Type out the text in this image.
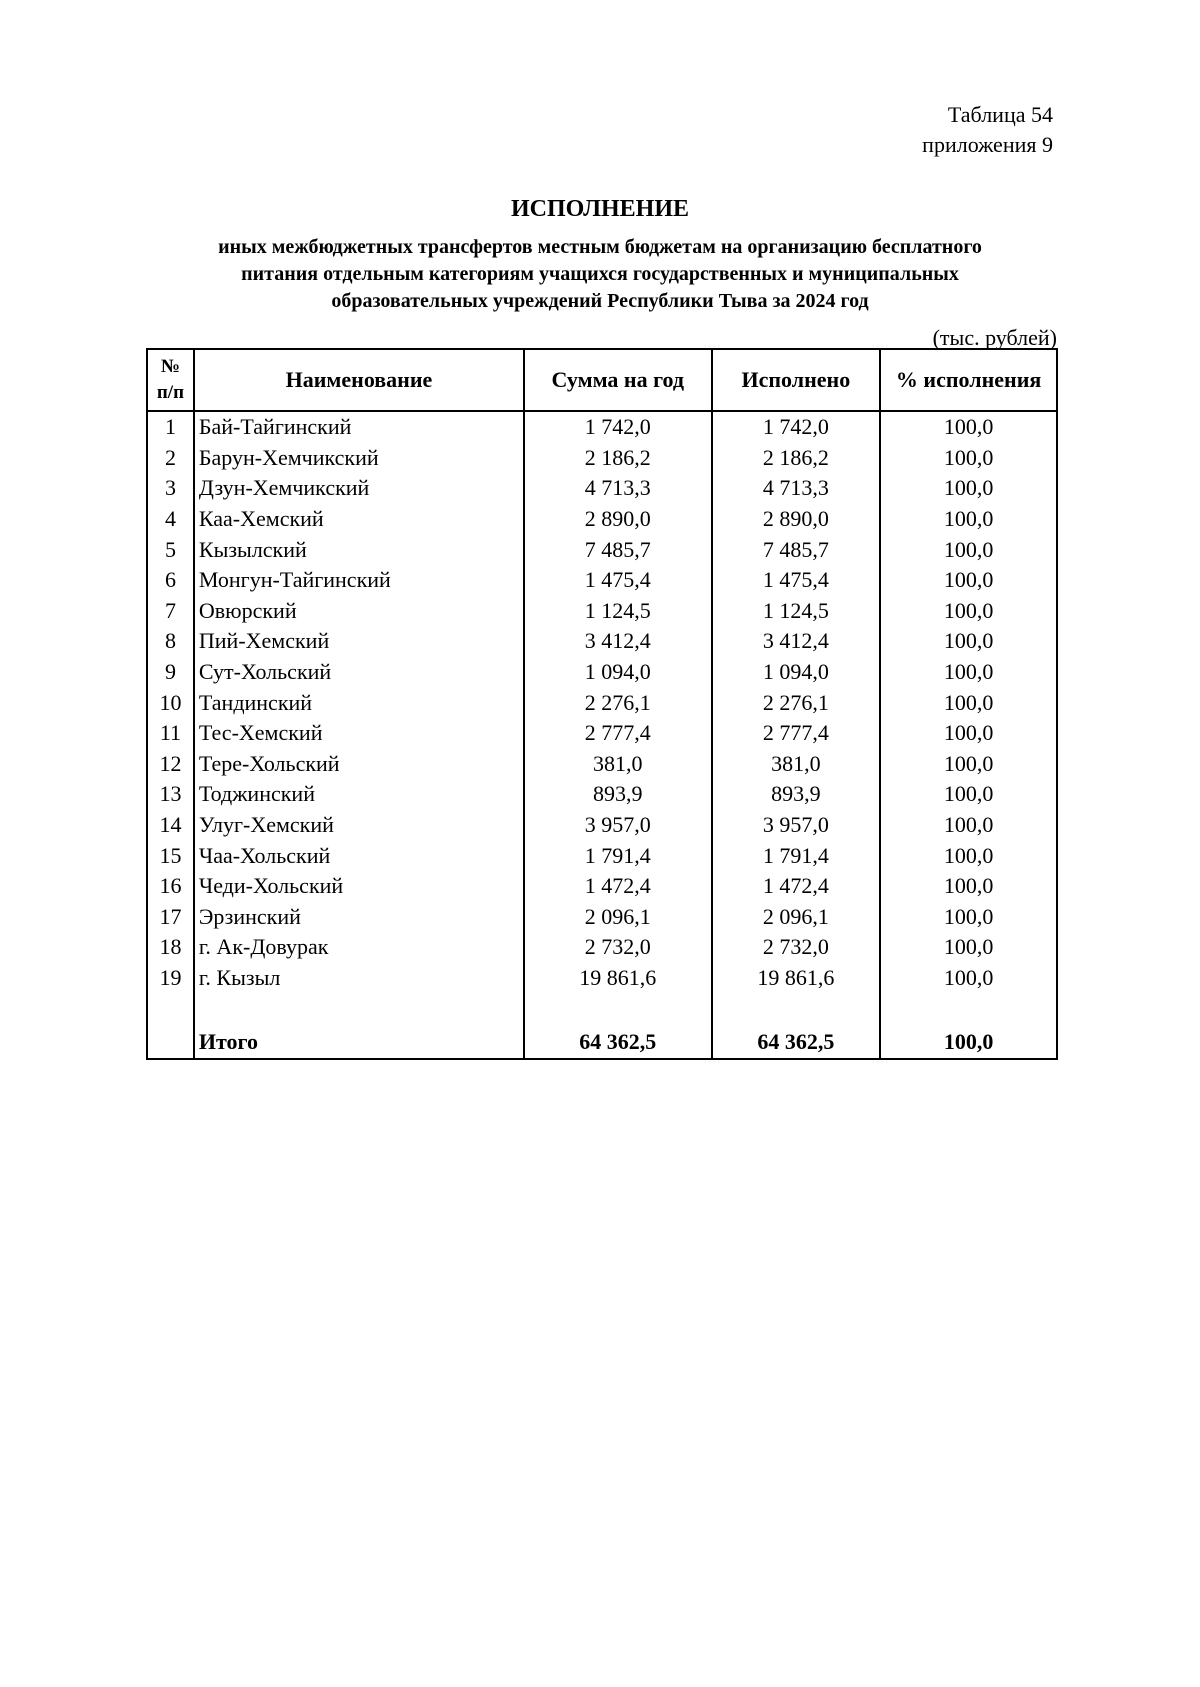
Таблица 54
приложения 9
ИСПОЛНЕНИЕ
иных межбюджетных трансфертов местным бюджетам на организацию бесплатного
питания отдельным категориям учащихся государственных и муниципальных
образовательных учреждений Республики Тыва за 2024 год
(тыс. рублей)
№
п/п	Наименование	Сумма на год	Исполнено	% исполнения
1	Бай-Тайгинский	1 742,0	1 742,0	100,0
2	Барун-Хемчикский	2 186,2	2 186,2	100,0
3	Дзун-Хемчикский	4 713,3	4 713,3	100,0
4	Каа-Хемский	2 890,0	2 890,0	100,0
5	Кызылский	7 485,7	7 485,7	100,0
6	Монгун-Тайгинский	1 475,4	1 475,4	100,0
7	Овюрский	1 124,5	1 124,5	100,0
8	Пий-Хемский	3 412,4	3 412,4	100,0
9	Сут-Хольский	1 094,0	1 094,0	100,0
10	Тандинский	2 276,1	2 276,1	100,0
11	Тес-Хемский	2 777,4	2 777,4	100,0
12	Тере-Хольский	381,0	381,0	100,0
13	Тоджинский	893,9	893,9	100,0
14	Улуг-Хемский	3 957,0	3 957,0	100,0
15	Чаа-Хольский	1 791,4	1 791,4	100,0
16	Чеди-Хольский	1 472,4	1 472,4	100,0
17	Эрзинский	2 096,1	2 096,1	100,0
18	г. Ак-Довурак	2 732,0	2 732,0	100,0
19	г. Кызыл	19 861,6	19 861,6	100,0

	Итого	64 362,5	64 362,5	100,0
